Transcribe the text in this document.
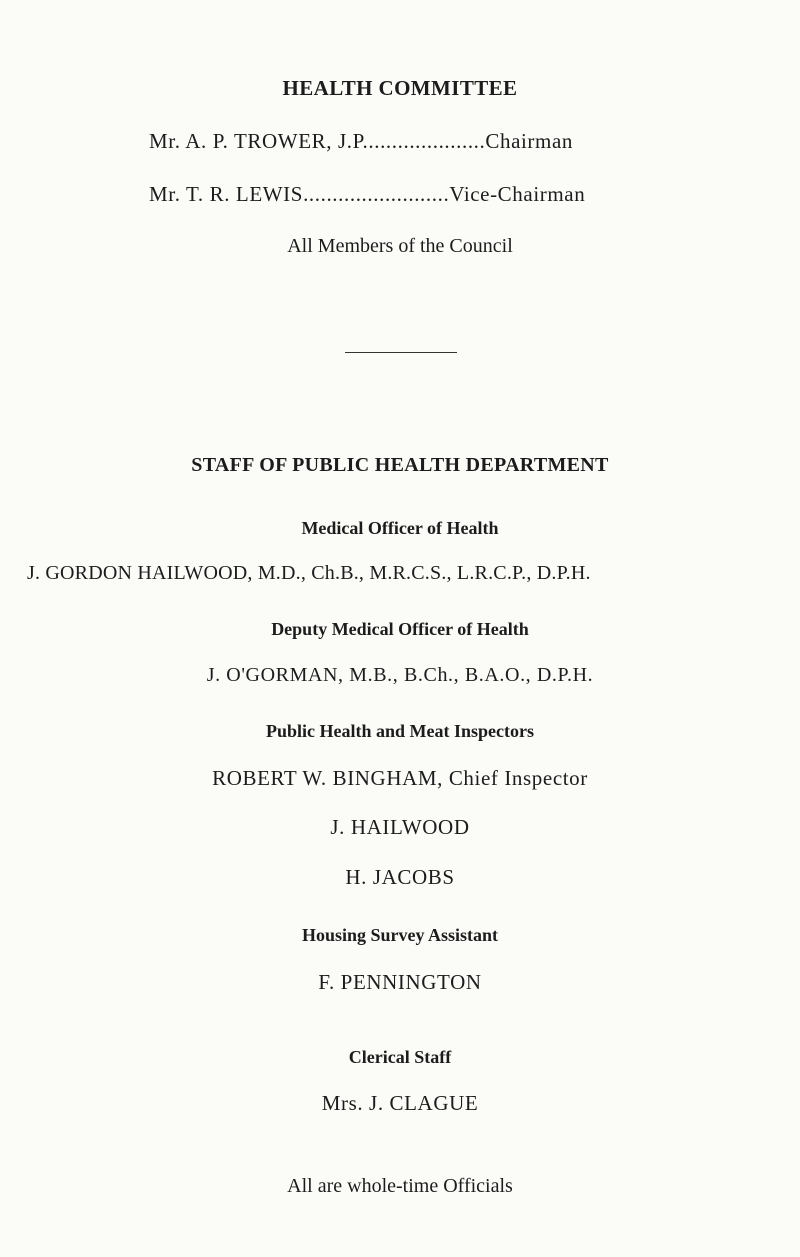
HEALTH COMMITTEE
Mr. A. P. TROWER, J.P.....................Chairman
Mr. T. R. LEWIS.........................Vice-Chairman
All Members of the Council
STAFF OF PUBLIC HEALTH DEPARTMENT
Medical Officer of Health
J. GORDON HAILWOOD, M.D., Ch.B., M.R.C.S., L.R.C.P., D.P.H.
Deputy Medical Officer of Health
J. O'GORMAN, M.B., B.Ch., B.A.O., D.P.H.
Public Health and Meat Inspectors
ROBERT W. BINGHAM, Chief Inspector
J. HAILWOOD
H. JACOBS
Housing Survey Assistant
F. PENNINGTON
Clerical Staff
Mrs. J. CLAGUE
All are whole-time Officials
